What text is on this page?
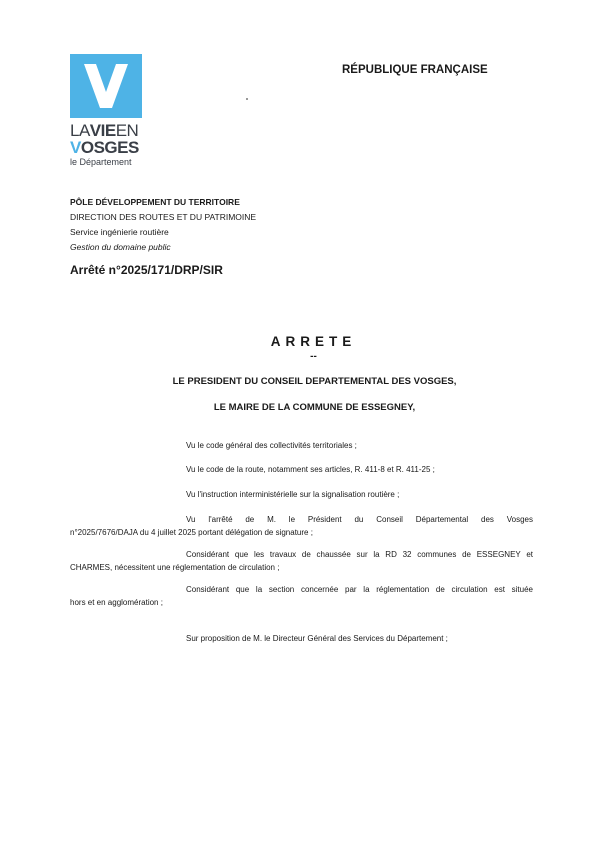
LAVIEEN
VOSGES
le Département
RÉPUBLIQUE FRANÇAISE
PÔLE DÉVELOPPEMENT DU TERRITOIRE
DIRECTION DES ROUTES ET DU PATRIMOINE
Service ingénierie routière
Gestion du domaine public
Arrêté n°2025/171/DRP/SIR
ARRETE
--
LE PRESIDENT DU CONSEIL DEPARTEMENTAL DES VOSGES,
LE MAIRE DE LA COMMUNE DE ESSEGNEY,
Vu le code général des collectivités territoriales ;
Vu le code de la route, notamment ses articles, R. 411-8 et R. 411-25 ;
Vu l'instruction interministérielle sur la signalisation routière ;
Vu l'arrêté de M. le Président du Conseil Départemental des Vosges
n°2025/7676/DAJA du 4 juillet 2025 portant délégation de signature ;
Considérant que les travaux de chaussée sur la RD 32 communes de ESSEGNEY et
CHARMES, nécessitent une réglementation de circulation ;
Considérant que la section concernée par la réglementation de circulation est située
hors et en agglomération ;
Sur proposition de M. le Directeur Général des Services du Département ;
